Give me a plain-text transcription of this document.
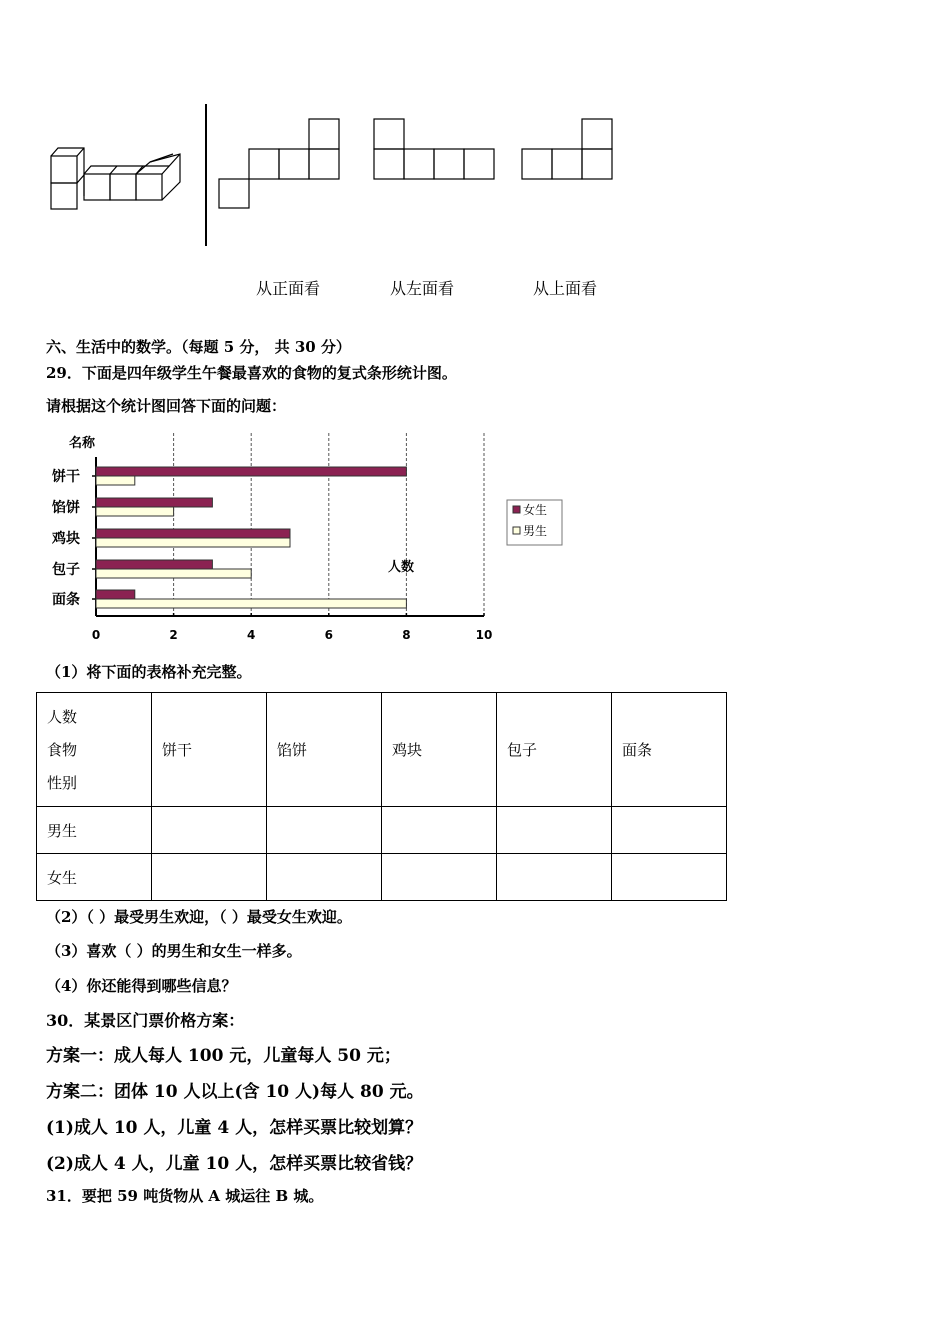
从正面看	从左面看	从上面看
六、生活中的数学。（每题 5 分， 共 30 分）
29．下面是四年级学生午餐最喜欢的食物的复式条形统计图。
请根据这个统计图回答下面的问题：
0	2	4	6	8	10
名称
饼干
馅饼
鸡块
包子
面条
人数
女生
男生
（1）将下面的表格补充完整。
人数
食物
性别	饼干	馅饼	鸡块	包子	面条
男生					
女生					
（2）（ ）最受男生欢迎，（ ）最受女生欢迎。
（3）喜欢（ ）的男生和女生一样多。
（4）你还能得到哪些信息？
30．某景区门票价格方案：
方案一：成人每人 100 元，儿童每人 50 元；
方案二：团体 10 人以上(含 10 人)每人 80 元。
(1)成人 10 人，儿童 4 人，怎样买票比较划算？
(2)成人 4 人，儿童 10 人，怎样买票比较省钱？
31．要把 59 吨货物从 A 城运往 B 城。
